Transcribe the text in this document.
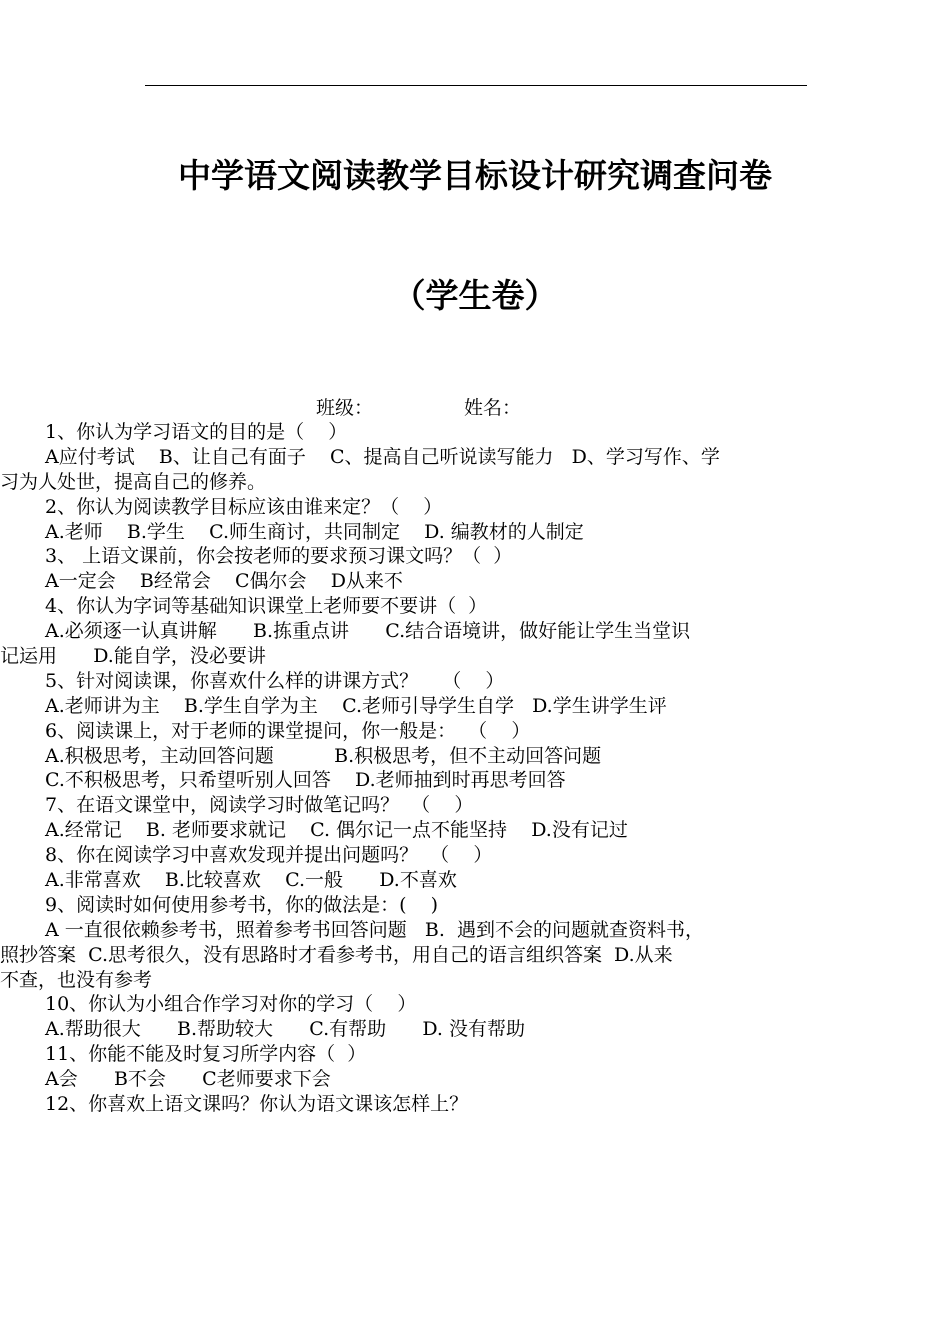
中学语文阅读教学目标设计研究调查问卷
（学生卷）
班级：	姓名：
1、你认为学习语文的目的是（    ）
A应付考试    B、让自己有面子    C、提高自己听说读写能力   D、学习写作、学
习为人处世，提高自己的修养。
2、你认为阅读教学目标应该由谁来定？（    ）
A.老师    B.学生    C.师生商讨，共同制定    D. 编教材的人制定
3、 上语文课前，你会按老师的要求预习课文吗？（  ）
A一定会    B经常会    C偶尔会    D从来不
4、你认为字词等基础知识课堂上老师要不要讲（  ）
A.必须逐一认真讲解      B.拣重点讲      C.结合语境讲，做好能让学生当堂识
记运用      D.能自学，没必要讲
5、针对阅读课，你喜欢什么样的讲课方式？    （    ）
A.老师讲为主    B.学生自学为主    C.老师引导学生自学   D.学生讲学生评
6、阅读课上，对于老师的课堂提问，你一般是：  （    ）
A.积极思考，主动回答问题          B.积极思考，但不主动回答问题
C.不积极思考，只希望听别人回答    D.老师抽到时再思考回答
7、在语文课堂中，阅读学习时做笔记吗？  （    ）
A.经常记    B. 老师要求就记    C. 偶尔记一点不能坚持    D.没有记过
8、你在阅读学习中喜欢发现并提出问题吗？  （    ）
A.非常喜欢    B.比较喜欢    C.一般      D.不喜欢
9、阅读时如何使用参考书，你的做法是：(    )
A 一直很依赖参考书，照着参考书回答问题   B.  遇到不会的问题就查资料书，
照抄答案  C.思考很久，没有思路时才看参考书，用自己的语言组织答案  D.从来
不查，也没有参考
10、你认为小组合作学习对你的学习（    ）
A.帮助很大      B.帮助较大      C.有帮助      D. 没有帮助
11、你能不能及时复习所学内容（  ）
A会      B不会      C老师要求下会
12、你喜欢上语文课吗？你认为语文课该怎样上？
